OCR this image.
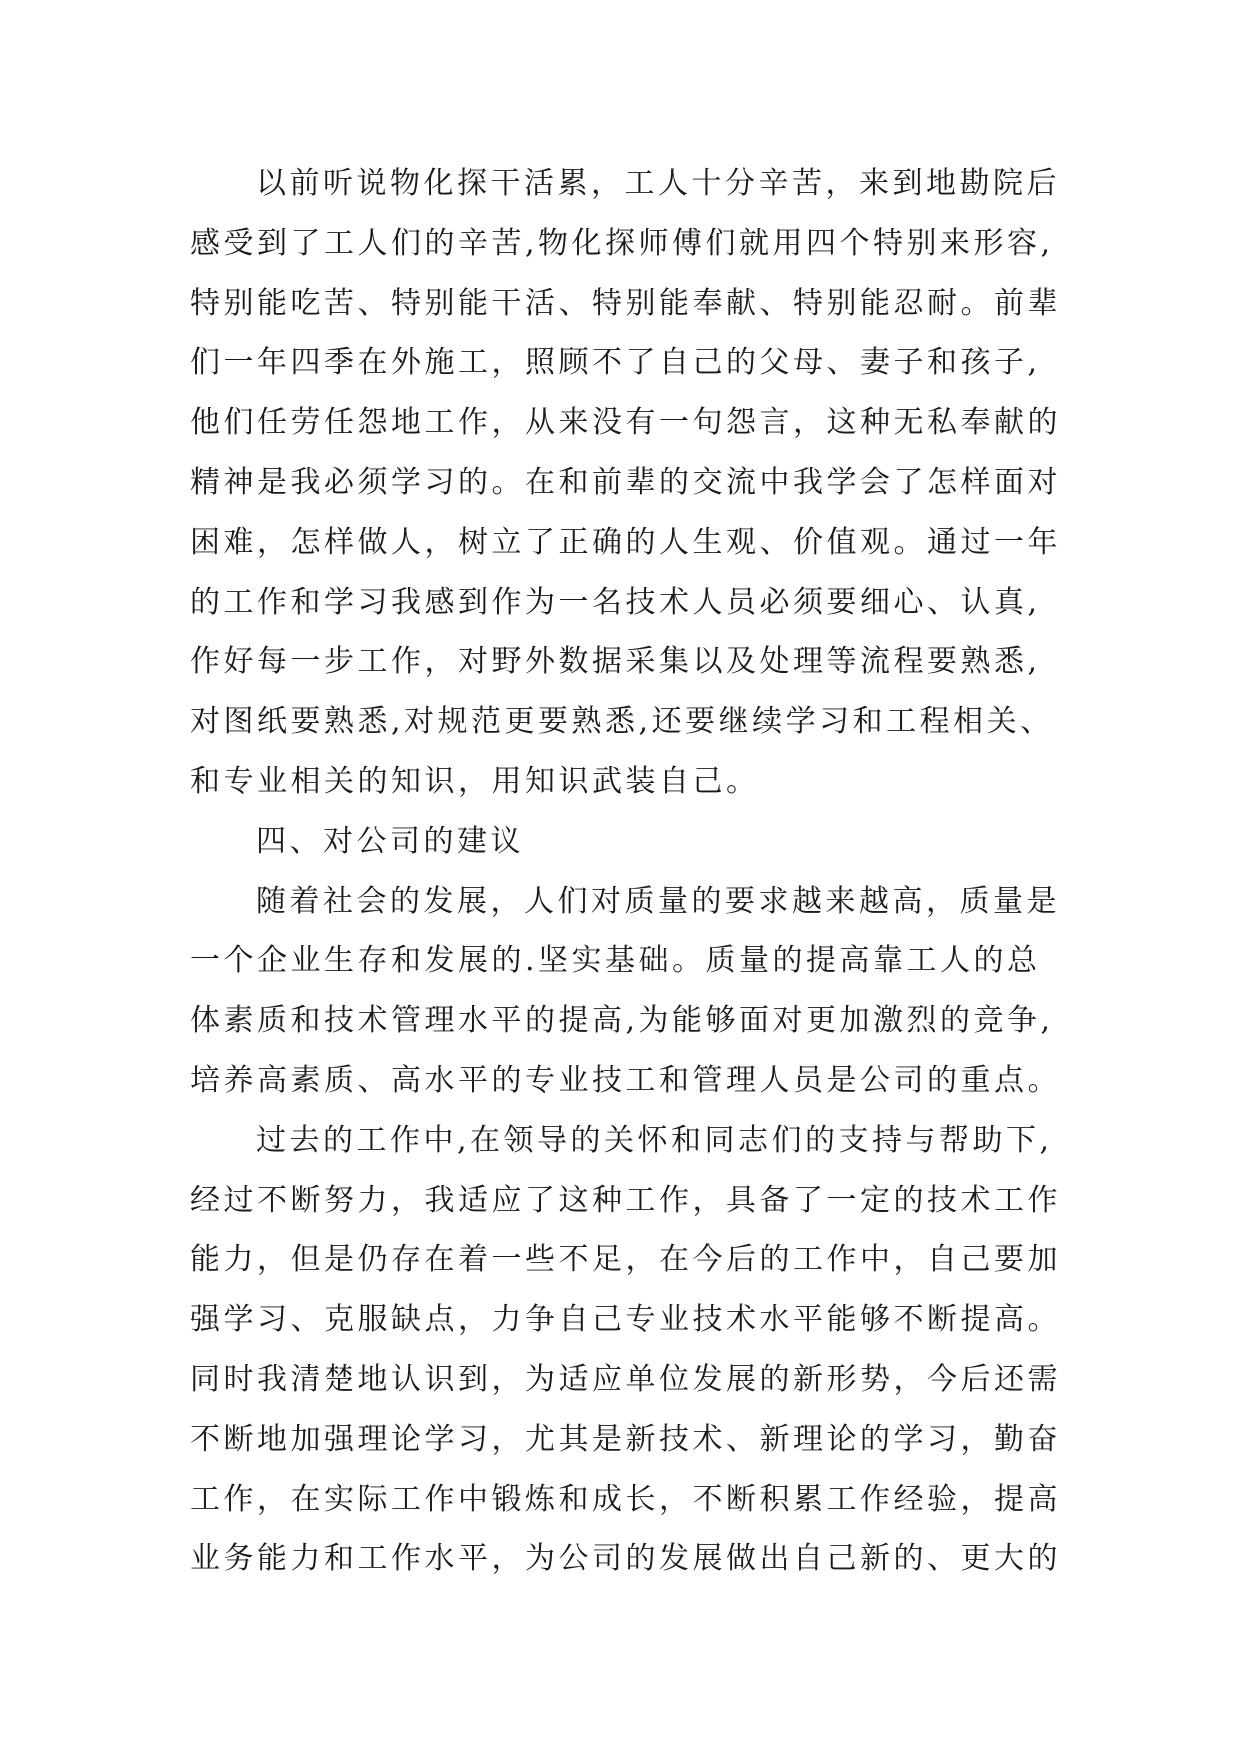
以前听说物化探干活累，工人十分辛苦，来到地勘院后
感受到了工人们的辛苦,物化探师傅们就用四个特别来形容,
特别能吃苦、特别能干活、特别能奉献、特别能忍耐。前辈
们一年四季在外施工，照顾不了自己的父母、妻子和孩子,
他们任劳任怨地工作，从来没有一句怨言，这种无私奉献的
精神是我必须学习的。在和前辈的交流中我学会了怎样面对
困难，怎样做人，树立了正确的人生观、价值观。通过一年
的工作和学习我感到作为一名技术人员必须要细心、认真,
作好每一步工作，对野外数据采集以及处理等流程要熟悉,
对图纸要熟悉,对规范更要熟悉,还要继续学习和工程相关、
和专业相关的知识，用知识武装自己。
四、对公司的建议
随着社会的发展，人们对质量的要求越来越高，质量是
一个企业生存和发展的.坚实基础。质量的提高靠工人的总
体素质和技术管理水平的提高,为能够面对更加激烈的竞争,
培养高素质、高水平的专业技工和管理人员是公司的重点。
过去的工作中,在领导的关怀和同志们的支持与帮助下,
经过不断努力，我适应了这种工作，具备了一定的技术工作
能力，但是仍存在着一些不足，在今后的工作中，自己要加
强学习、克服缺点，力争自己专业技术水平能够不断提高。
同时我清楚地认识到，为适应单位发展的新形势，今后还需
不断地加强理论学习，尤其是新技术、新理论的学习，勤奋
工作，在实际工作中锻炼和成长，不断积累工作经验，提高
业务能力和工作水平，为公司的发展做出自己新的、更大的
